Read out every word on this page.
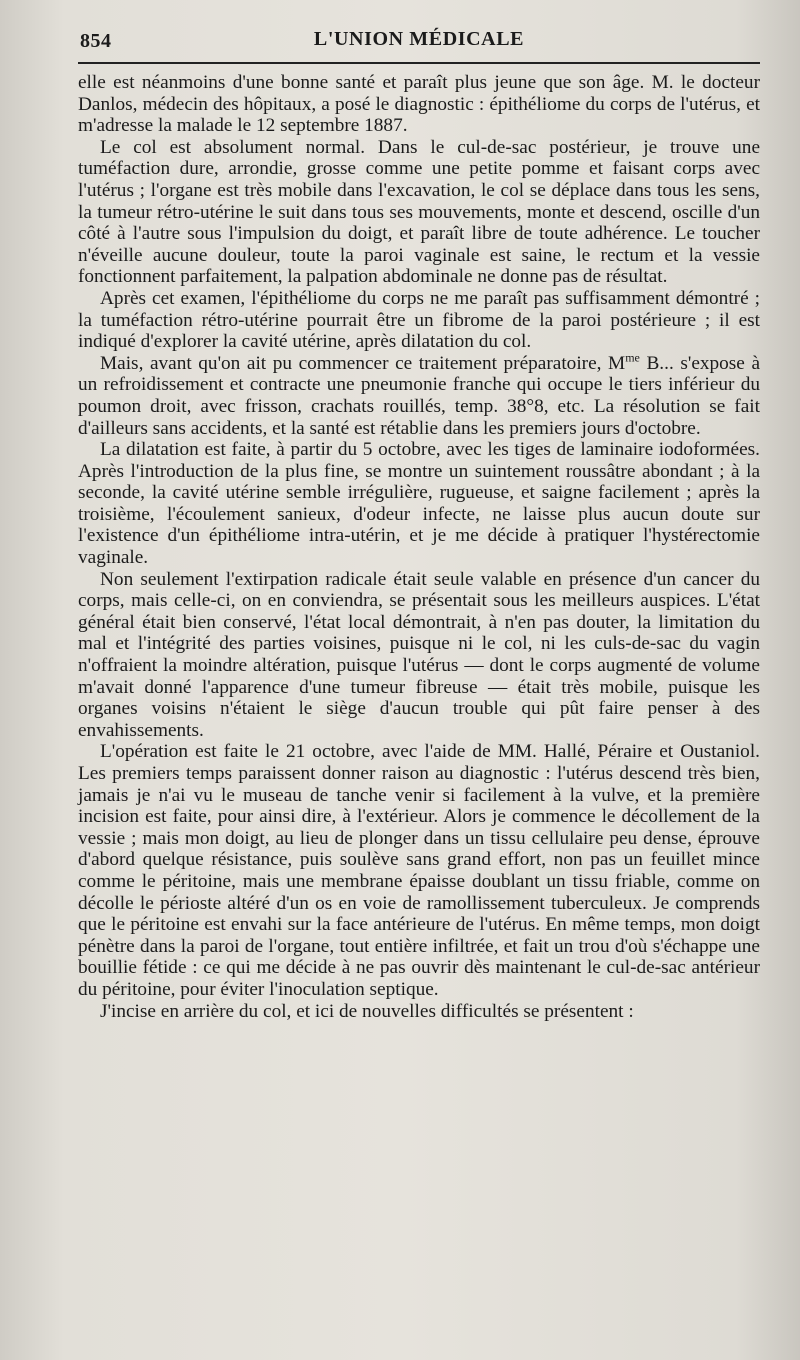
854	L'UNION MÉDICALE

elle est néanmoins d'une bonne santé et paraît plus jeune que son âge. M. le docteur Danlos, médecin des hôpitaux, a posé le diagnostic : épithéliome du corps de l'utérus, et m'adresse la malade le 12 septembre 1887.

Le col est absolument normal. Dans le cul-de-sac postérieur, je trouve une tuméfaction dure, arrondie, grosse comme une petite pomme et faisant corps avec l'utérus ; l'organe est très mobile dans l'excavation, le col se déplace dans tous les sens, la tumeur rétro-utérine le suit dans tous ses mouvements, monte et descend, oscille d'un côté à l'autre sous l'impulsion du doigt, et paraît libre de toute adhérence. Le toucher n'éveille aucune douleur, toute la paroi vaginale est saine, le rectum et la vessie fonctionnent parfaitement, la palpation abdominale ne donne pas de résultat.

Après cet examen, l'épithéliome du corps ne me paraît pas suffisamment démontré ; la tuméfaction rétro-utérine pourrait être un fibrome de la paroi postérieure ; il est indiqué d'explorer la cavité utérine, après dilatation du col.

Mais, avant qu'on ait pu commencer ce traitement préparatoire, $M^{me}$ B... s'expose à un refroidissement et contracte une pneumonie franche qui occupe le tiers inférieur du poumon droit, avec frisson, crachats rouillés, temp. 38°8, etc. La résolution se fait d'ailleurs sans accidents, et la santé est rétablie dans les premiers jours d'octobre.

La dilatation est faite, à partir du 5 octobre, avec les tiges de laminaire iodoformées. Après l'introduction de la plus fine, se montre un suintement roussâtre abondant ; à la seconde, la cavité utérine semble irrégulière, rugueuse, et saigne facilement ; après la troisième, l'écoulement sanieux, d'odeur infecte, ne laisse plus aucun doute sur l'existence d'un épithéliome intra-utérin, et je me décide à pratiquer l'hystérectomie vaginale.

Non seulement l'extirpation radicale était seule valable en présence d'un cancer du corps, mais celle-ci, on en conviendra, se présentait sous les meilleurs auspices. L'état général était bien conservé, l'état local démontrait, à n'en pas douter, la limitation du mal et l'intégrité des parties voisines, puisque ni le col, ni les culs-de-sac du vagin n'offraient la moindre altération, puisque l'utérus — dont le corps augmenté de volume m'avait donné l'apparence d'une tumeur fibreuse — était très mobile, puisque les organes voisins n'étaient le siège d'aucun trouble qui pût faire penser à des envahissements.

L'opération est faite le 21 octobre, avec l'aide de MM. Hallé, Péraire et Oustaniol. Les premiers temps paraissent donner raison au diagnostic : l'utérus descend très bien, jamais je n'ai vu le museau de tanche venir si facilement à la vulve, et la première incision est faite, pour ainsi dire, à l'extérieur. Alors je commence le décollement de la vessie ; mais mon doigt, au lieu de plonger dans un tissu cellulaire peu dense, éprouve d'abord quelque résistance, puis soulève sans grand effort, non pas un feuillet mince comme le péritoine, mais une membrane épaisse doublant un tissu friable, comme on décolle le périoste altéré d'un os en voie de ramollissement tuberculeux. Je comprends que le péritoine est envahi sur la face antérieure de l'utérus. En même temps, mon doigt pénètre dans la paroi de l'organe, tout entière infiltrée, et fait un trou d'où s'échappe une bouillie fétide : ce qui me décide à ne pas ouvrir dès maintenant le cul-de-sac antérieur du péritoine, pour éviter l'inoculation septique.

J'incise en arrière du col, et ici de nouvelles difficultés se présentent :
